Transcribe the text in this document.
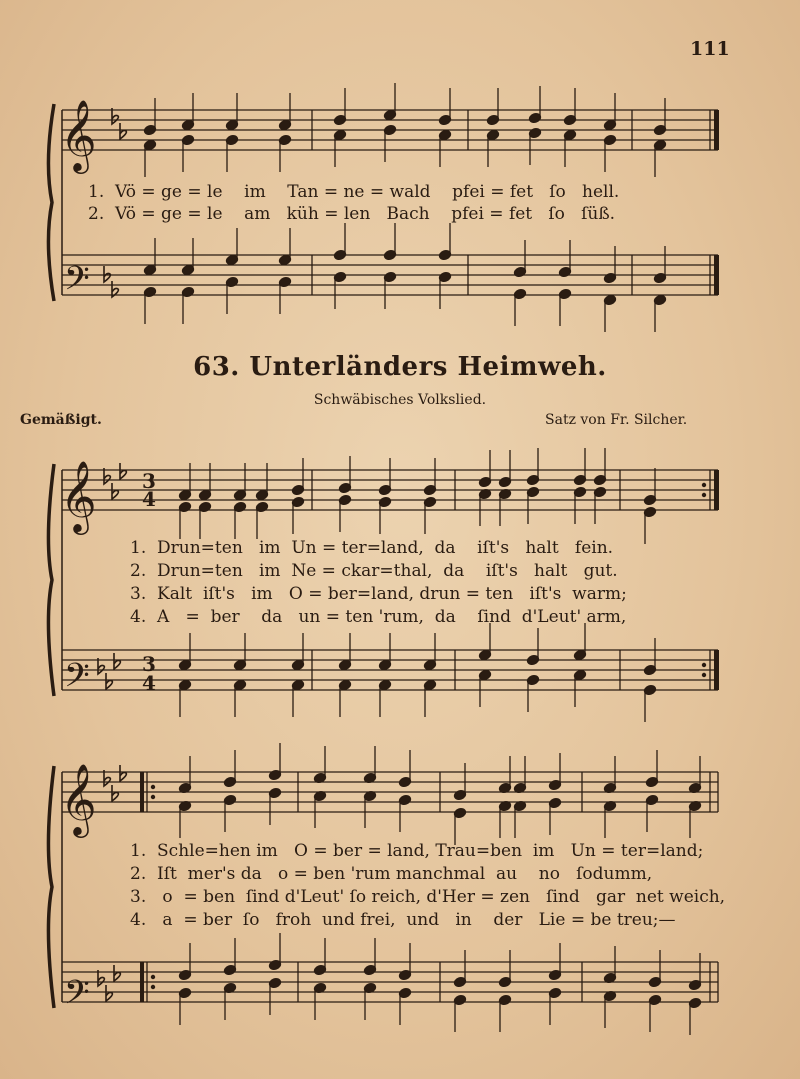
111
𝄞
𝄢
𝄞
𝄢
𝄞
𝄢
3
4
3
4
1.  Vö = ge = le    im    Tan = ne = wald    pfei = fet   ſo   hell.
2.  Vö = ge = le    am   küh = len   Bach    pfei = fet   ſo   ſüß.
63. Unterländers Heimweh.
Schwäbisches Volkslied.
Gemäßigt.	Satz von Fr. Silcher.
1.  Drun=ten   im  Un = ter=land,  da    iſt's   halt   fein.
2.  Drun=ten   im  Ne = ckar=thal,  da    iſt's   halt   gut.
3.  Kalt  iſt's   im   O = ber=land, drun = ten   iſt's  warm;
4.  A   =  ber    da   un = ten 'rum,  da    ſind  d'Leut' arm,
1.  Schle=hen im   O = ber = land, Trau=ben  im   Un = ter=land;
2.  Iſt  mer's da   o = ben 'rum manchmal  au    no   ſodumm,
3.   o  = ben  ſind d'Leut' ſo reich, d'Her = zen   ſind   gar  net weich,
4.   a  = ber  ſo   froh  und frei,  und   in    der   Lie = be treu;—
